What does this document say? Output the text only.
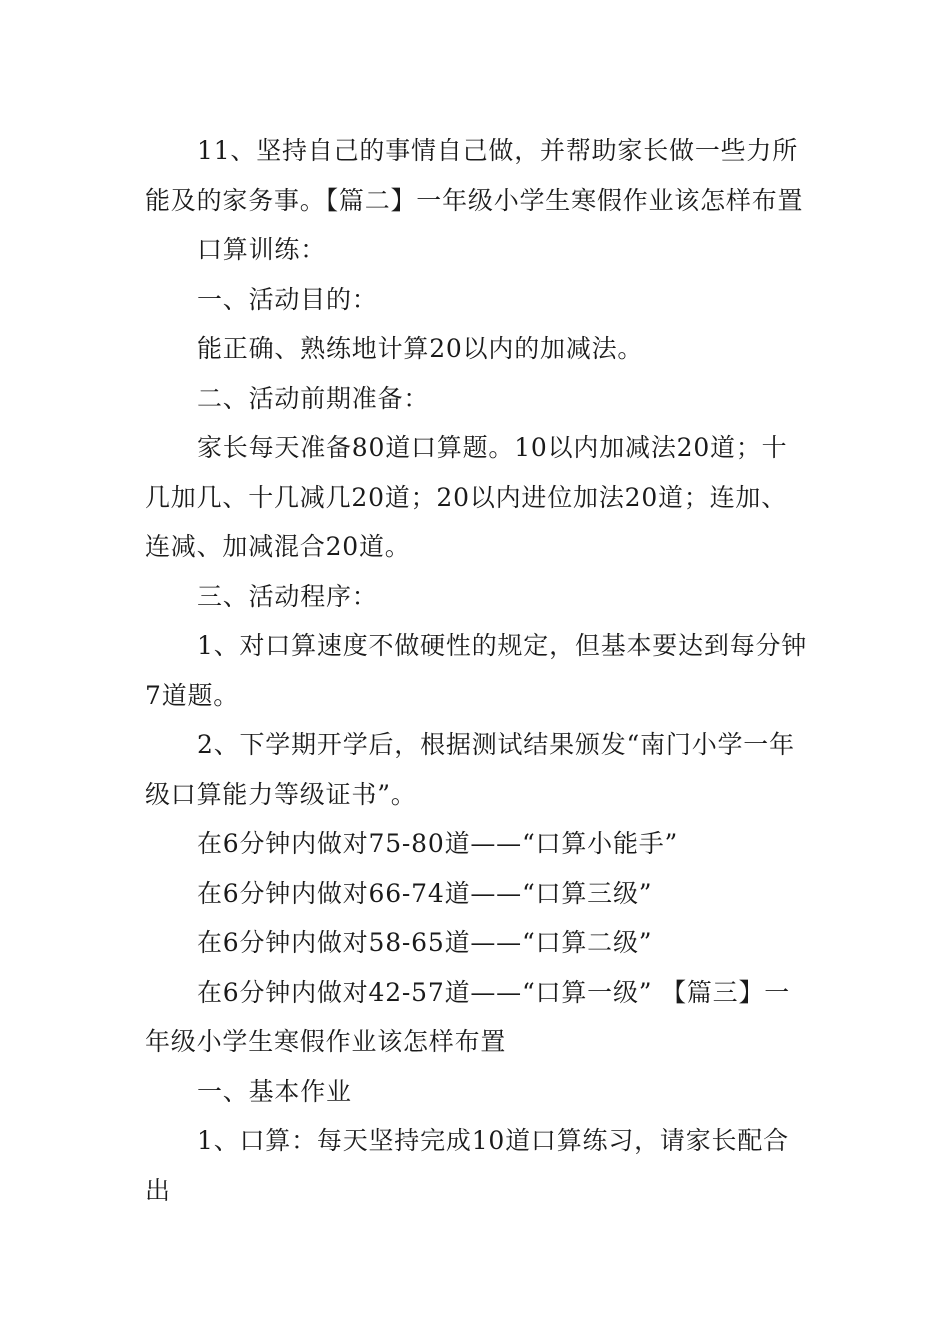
11、坚持自己的事情自己做，并帮助家长做一些力所能及的家务事。【篇二】一年级小学生寒假作业该怎样布置

口算训练：

一、活动目的：

能正确、熟练地计算20以内的加减法。

二、活动前期准备：

家长每天准备80道口算题。10以内加减法20道；十几加几、十几减几20道；20以内进位加法20道；连加、连减、加减混合20道。

三、活动程序：

1、对口算速度不做硬性的规定，但基本要达到每分钟7道题。

2、下学期开学后，根据测试结果颁发“南门小学一年级口算能力等级证书”。

在6分钟内做对75-80道——“口算小能手”

在6分钟内做对66-74道——“口算三级”

在6分钟内做对58-65道——“口算二级”

在6分钟内做对42-57道——“口算一级” 【篇三】一年级小学生寒假作业该怎样布置

一、基本作业

1、口算：每天坚持完成10道口算练习，请家长配合出
